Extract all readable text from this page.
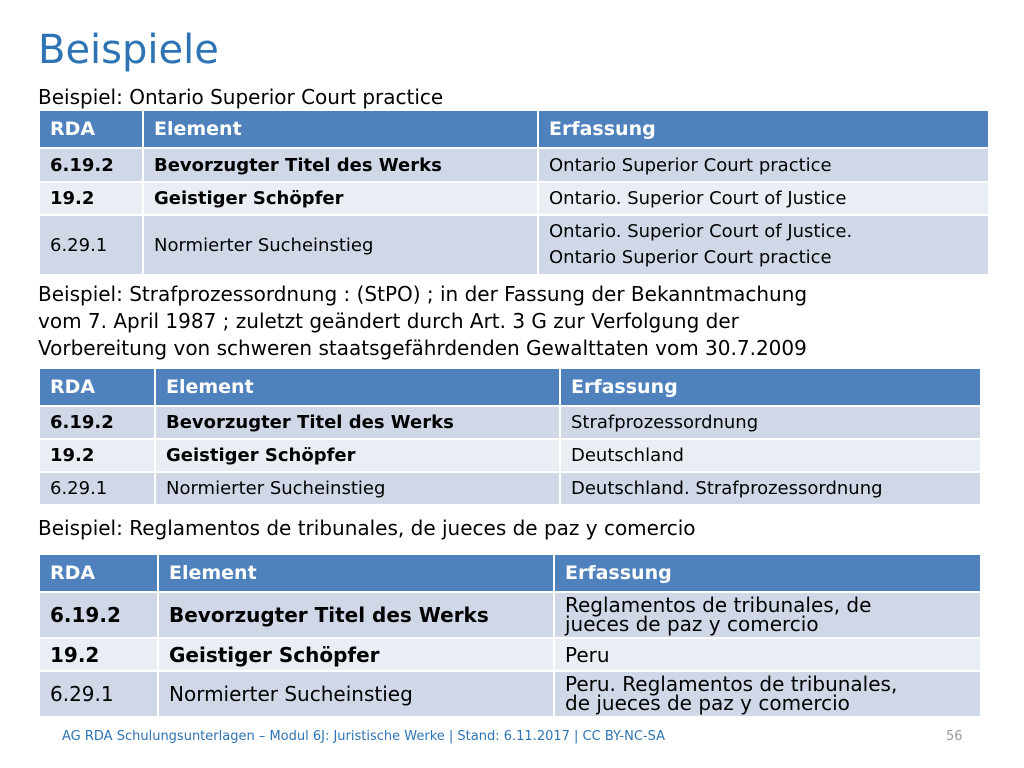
Beispiele

Beispiel: Ontario Superior Court practice

RDA	Element	Erfassung
6.19.2	Bevorzugter Titel des Werks	Ontario Superior Court practice
19.2	Geistiger Schöpfer	Ontario. Superior Court of Justice
6.29.1	Normierter Sucheinstieg	Ontario. Superior Court of Justice.
Ontario Superior Court practice

Beispiel: Strafprozessordnung : (StPO) ; in der Fassung der Bekanntmachung
vom 7. April 1987 ; zuletzt geändert durch Art. 3 G zur Verfolgung der
Vorbereitung von schweren staatsgefährdenden Gewalttaten vom 30.7.2009

RDA	Element	Erfassung
6.19.2	Bevorzugter Titel des Werks	Strafprozessordnung
19.2	Geistiger Schöpfer	Deutschland
6.29.1	Normierter Sucheinstieg	Deutschland. Strafprozessordnung

Beispiel: Reglamentos de tribunales, de jueces de paz y comercio

RDA	Element	Erfassung
6.19.2	Bevorzugter Titel des Werks	Reglamentos de tribunales, de
jueces de paz y comercio

19.2	Geistiger Schöpfer	Peru
6.29.1	Normierter Sucheinstieg	Peru. Reglamentos de tribunales,
de jueces de paz y comercio
AG RDA Schulungsunterlagen – Modul 6J: Juristische Werke | Stand: 6.11.2017 | CC BY-NC-SA	56
